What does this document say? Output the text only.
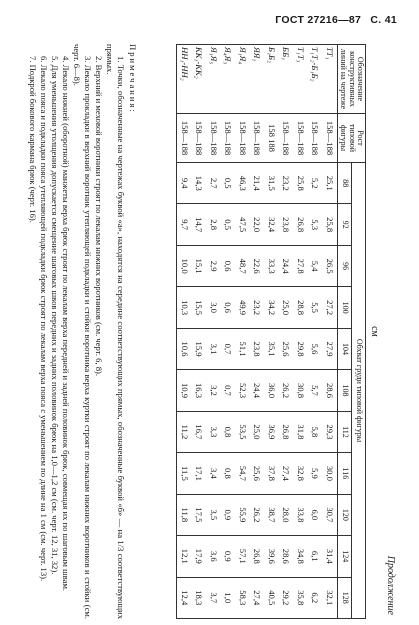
ГОСТ 27216—87 С. 41
Продолжение
см
Обозначение конструктивных линий на чертеже	Рост типовой фигуры	Обхват груди типовой фигуры										
		88	92	96	100	104	108	112	116	120	124	128
ТТ₁	158—188	25,1	25,8	26,5	27,2	27,9	28,6	29,3	30,0	30,7	31,4	32,1
Т₁Т₂-Б₁Б₂	158—188	5,2	5,3	5,4	5,5	5,6	5,7	5,8	5,9	6,0	6,1	6,2
Т₁Т₃	158—188	25,8	26,8	27,8	28,8	29,8	30,8	31,8	32,8	33,8	34,8	35,8
ББ₁	158—188	23,2	23,8	24,4	25,0	25,6	26,2	26,8	27,4	28,0	28,6	29,2
Б₁Б₂	158 188	31,5	32,4	33,3	34,2	35,1	36,0	36,9	37,8	38,7	39,6	40,5
ЯЯ₁	158—188	21,4	22,0	22,6	23,2	23,8	24,4	25,0	25,6	26,2	26,8	27,4
Я₁Я₄	158—188	46,3	47,5	48,7	49,9	51,1	52,3	53,5	54,7	55,9	57,1	58,3
Я₄Я₃	158—188	0,5	0,5	0,6	0,6	0,7	0,7	0,8	0,8	0,9	0,9	1,0
Я₁Я₅	158—188	2,7	2,8	2,9	3,0	3,1	3,2	3,3	3,4	3,5	3,6	3,7
КК₁-КК₂	158—188	14,3	14,7	15,1	15,5	15,9	16,3	16,7	17,1	17,5	17,9	18,3
НН₁-НН₂	158—188	9,4	9,7	10,0	10,3	10,6	10,9	11,2	11,5	11,8	12,1	12,4

Примечания:

1. Точки, обозначенные на чертежах буквой «а», находятся на середине соответствующих прямых, обозначенные буквой «б» — на 1/3 соответствующих прямых.

2. Верхний и меховой воротники строят по лекалам нижних воротников (см. черт. 6, 8).

3. Лекало прокладки в верхний воротник утепляющей подкладки и стойки воротника верха куртки строят по лекалам нижних воротников и стойки (см. черт. 6—8).

4. Лекало нижней (оборотной) манжеты верха брюк строят по лекалам верха передней и задней половинок брюк, совмещая их по шаговым швам.

5. Для уменьшения утолщения допускается смещение шаговых швов передних и задних половинок брюк на 1,0—1,2 см (см. черт. 12, 31, 32).

6. Лекало пояса и подкладки пояса утепляющей подкладки брюк строят по лекалам верха пояса с уменьшением по длине на 1 см (см. черт. 13).

7. Подкрой бокового кармана брюк (черт. 16).
